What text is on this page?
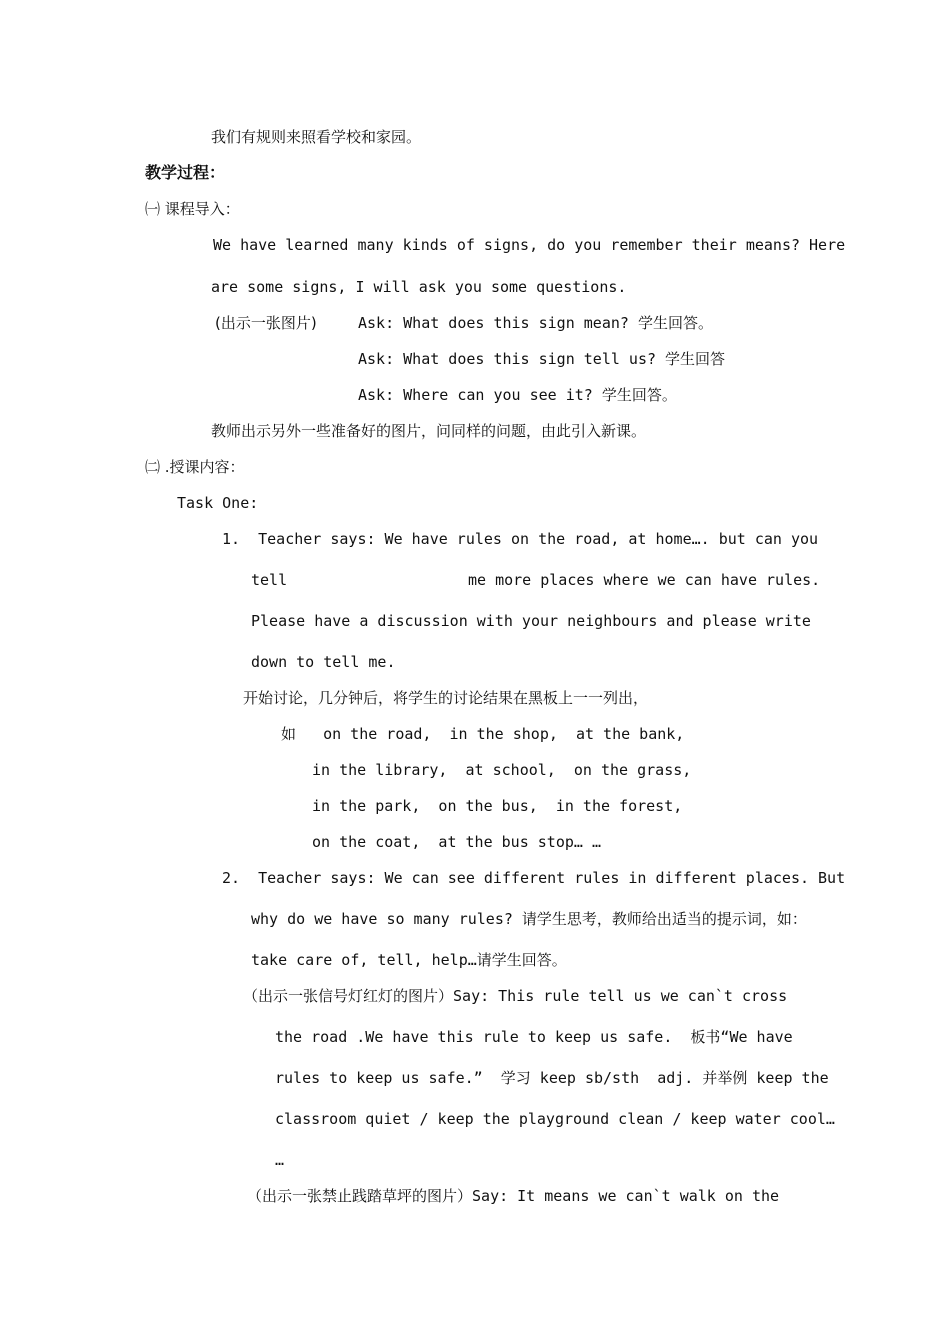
我们有规则来照看学校和家园。
教学过程：
㈠ 课程导入：
We have learned many kinds of signs, do you remember their means? Here
are some signs, I will ask you some questions.
(出示一张图片)	Ask: What does this sign mean? 学生回答。
Ask: What does this sign tell us? 学生回答
Ask: Where can you see it? 学生回答。
教师出示另外一些准备好的图片，问同样的问题，由此引入新课。
㈡ .授课内容：
Task One:
1.  Teacher says: We have rules on the road, at home…. but can you
tell	me more places where we can have rules.
Please have a discussion with your neighbours and please write
down to tell me.
开始讨论，几分钟后，将学生的讨论结果在黑板上一一列出，
如   on the road,  in the shop,  at the bank,
in the library,  at school,  on the grass,
in the park,  on the bus,  in the forest,
on the coat,  at the bus stop… …
2.  Teacher says: We can see different rules in different places. But
why do we have so many rules? 请学生思考，教师给出适当的提示词，如：
take care of, tell, help…请学生回答。
（出示一张信号灯红灯的图片）Say: This rule tell us we can`t cross
the road .We have this rule to keep us safe.  板书“We have
rules to keep us safe.”  学习 keep sb/sth  adj. 并举例 keep the
classroom quiet / keep the playground clean / keep water cool…
…
（出示一张禁止践踏草坪的图片）Say: It means we can`t walk on the
